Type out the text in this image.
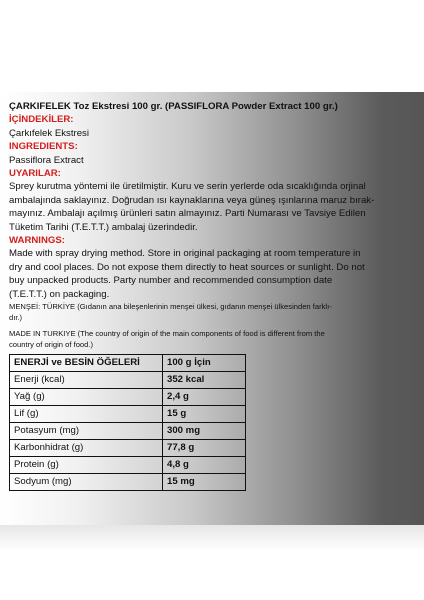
ÇARKIFELEK Toz Ekstresi 100 gr. (PASSIFLORA Powder Extract 100 gr.)
İÇİNDEKİLER:
Çarkıfelek Ekstresi
INGREDIENTS:
Passiflora Extract
UYARILAR:
Sprey kurutma yöntemi ile üretilmiştir. Kuru ve serin yerlerde oda sıcaklığında orjinal
ambalajında saklayınız. Doğrudan ısı kaynaklarına veya güneş ışınlarına maruz bırak-
mayınız. Ambalajı açılmış ürünleri satın almayınız. Parti Numarası ve Tavsiye Edilen
Tüketim Tarihi (T.E.T.T.) ambalaj üzerindedir.
WARNINGS:
Made with spray drying method. Store in original packaging at room temperature in
dry and cool places. Do not expose them directly to heat sources or sunlight. Do not
buy unpacked products. Party number and recommended consumption date
(T.E.T.T.) on packaging.
MENŞEİ: TÜRKİYE (Gıdanın ana bileşenlerinin menşei ülkesi, gıdanın menşei ülkesinden farklı-
dır.)
MADE IN TURKIYE (The country of origin of the main components of food is different from the
country of origin of food.)
ENERJİ ve BESİN ÖĞELERİ	100 g İçin
Enerji (kcal)	352 kcal
Yağ (g)	2,4 g
Lif (g)	15 g
Potasyum (mg)	300 mg
Karbonhidrat (g)	77,8 g
Protein (g)	4,8 g
Sodyum (mg)	15 mg
